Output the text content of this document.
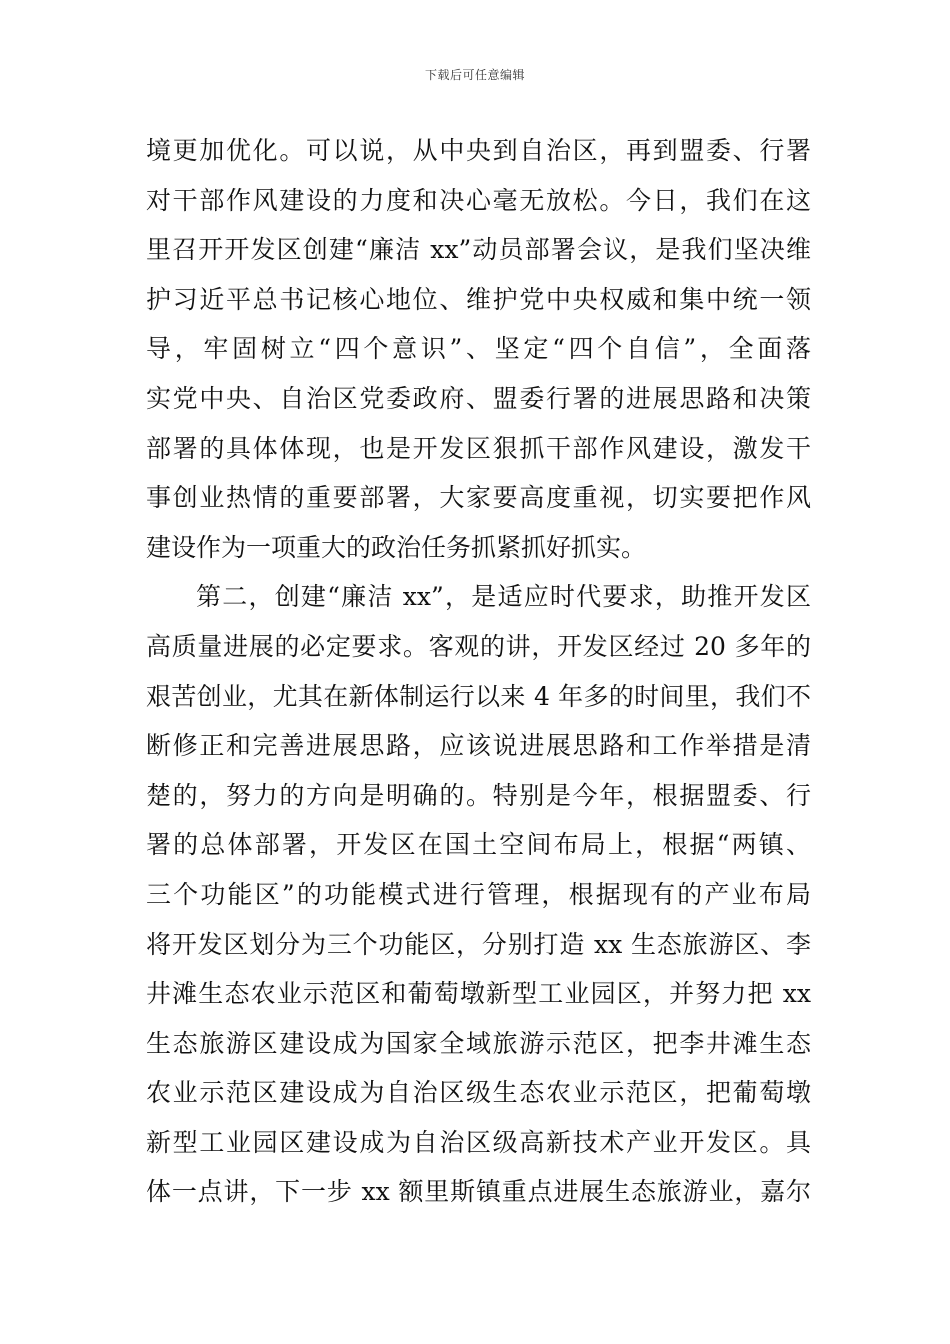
下载后可任意编辑
境更加优化。可以说，从中央到自治区，再到盟委、行署
对干部作风建设的力度和决心毫无放松。今日，我们在这
里召开开发区创建“廉洁 xx”动员部署会议，是我们坚决维
护习近平总书记核心地位、维护党中央权威和集中统一领
导，牢固树立“四个意识”、坚定“四个自信”，全面落
实党中央、自治区党委政府、盟委行署的进展思路和决策
部署的具体体现，也是开发区狠抓干部作风建设，激发干
事创业热情的重要部署，大家要高度重视，切实要把作风
建设作为一项重大的政治任务抓紧抓好抓实。
第二，创建“廉洁 xx”，是适应时代要求，助推开发区
高质量进展的必定要求。客观的讲，开发区经过 20 多年的
艰苦创业，尤其在新体制运行以来 4 年多的时间里，我们不
断修正和完善进展思路，应该说进展思路和工作举措是清
楚的，努力的方向是明确的。特别是今年，根据盟委、行
署的总体部署，开发区在国土空间布局上，根据“两镇、
三个功能区”的功能模式进行管理，根据现有的产业布局
将开发区划分为三个功能区，分别打造 xx 生态旅游区、李
井滩生态农业示范区和葡萄墩新型工业园区，并努力把 xx
生态旅游区建设成为国家全域旅游示范区，把李井滩生态
农业示范区建设成为自治区级生态农业示范区，把葡萄墩
新型工业园区建设成为自治区级高新技术产业开发区。具
体一点讲，下一步 xx 额里斯镇重点进展生态旅游业，嘉尔
